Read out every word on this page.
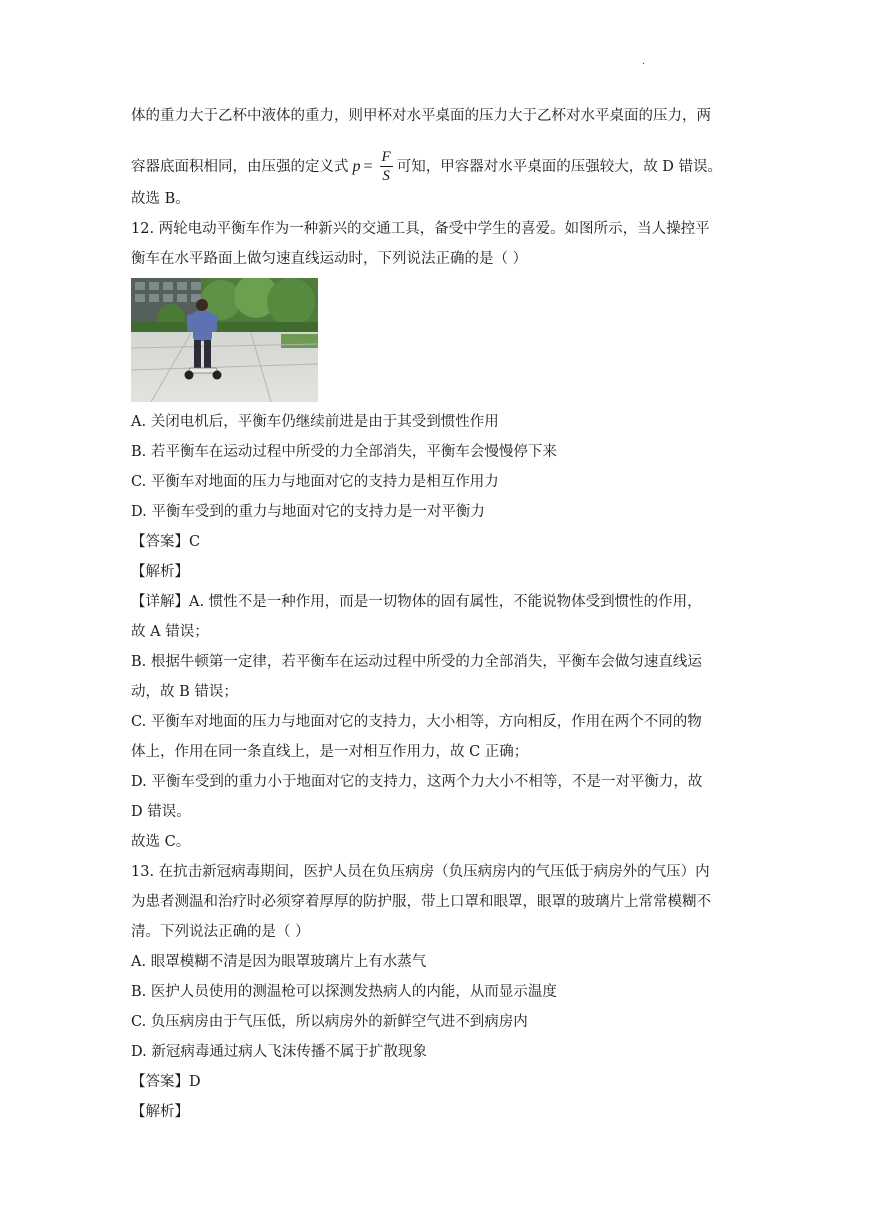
.
体的重力大于乙杯中液体的重力，则甲杯对水平桌面的压力大于乙杯对水平桌面的压力，两
容器底面积相同，由压强的定义式 $p = \frac{F}{S}$ 可知，甲容器对水平桌面的压强较大，故 D 错误。
故选 B。
12. 两轮电动平衡车作为一种新兴的交通工具，备受中学生的喜爱。如图所示，当人操控平
衡车在水平路面上做匀速直线运动时，下列说法正确的是（ ）
A. 关闭电机后，平衡车仍继续前进是由于其受到惯性作用
B. 若平衡车在运动过程中所受的力全部消失，平衡车会慢慢停下来
C. 平衡车对地面的压力与地面对它的支持力是相互作用力
D. 平衡车受到的重力与地面对它的支持力是一对平衡力
【答案】C
【解析】
【详解】A. 惯性不是一种作用，而是一切物体的固有属性，不能说物体受到惯性的作用，
故 A 错误；
B. 根据牛顿第一定律，若平衡车在运动过程中所受的力全部消失，平衡车会做匀速直线运
动，故 B 错误；
C. 平衡车对地面的压力与地面对它的支持力，大小相等，方向相反，作用在两个不同的物
体上，作用在同一条直线上，是一对相互作用力，故 C 正确；
D. 平衡车受到的重力小于地面对它的支持力，这两个力大小不相等，不是一对平衡力，故
D 错误。
故选 C。
13. 在抗击新冠病毒期间，医护人员在负压病房（负压病房内的气压低于病房外的气压）内
为患者测温和治疗时必须穿着厚厚的防护服，带上口罩和眼罩，眼罩的玻璃片上常常模糊不
清。下列说法正确的是（ ）
A. 眼罩模糊不清是因为眼罩玻璃片上有水蒸气
B. 医护人员使用的测温枪可以探测发热病人的内能，从而显示温度
C. 负压病房由于气压低，所以病房外的新鲜空气进不到病房内
D. 新冠病毒通过病人飞沫传播不属于扩散现象
【答案】D
【解析】
